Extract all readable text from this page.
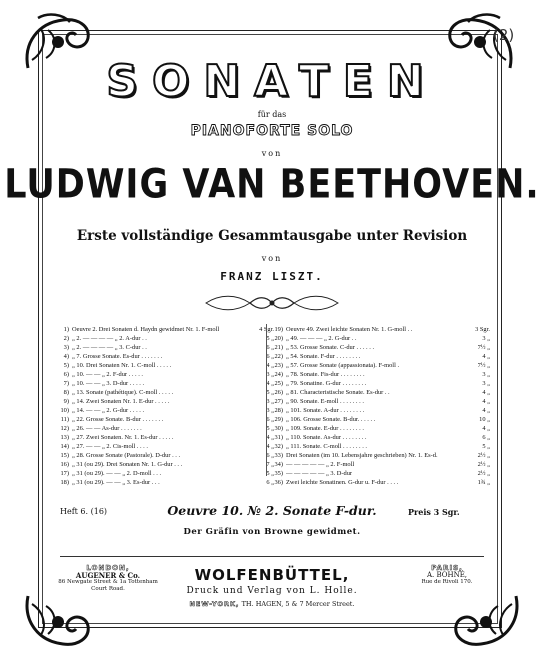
(2)
SONATEN
für das
PIANOFORTE SOLO
von
LUDWIG VAN BEETHOVEN.
Erste vollständige Gesammtausgabe unter Revision
von
FRANZ LISZT.
1) Oeuvre 2. Drei Sonaten d. Haydn gewidmet Nr. 1. F-moll	4 Sgr.
2) „ 2. — — — — „ 2. A-dur . .	5 „
3) „ 2. — — — — „ 3. C-dur . .	6 „
4) „ 7. Grosse Sonate. Es-dur . . . . . . .	6 „
5) „ 10. Drei Sonaten Nr. 1. C-moll . . . . .	4 „
6) „ 10. — — „ 2. F-dur . . . . .	3 „
7) „ 10. — — „ 3. D-dur . . . . .	4 „
8) „ 13. Sonate (pathétique). C-moll . . . . .	5 „
9) „ 14. Zwei Sonaten Nr. 1. E-dur . . . . .	3 „
10) „ 14. — — „ 2. G-dur . . . . .	3 „
11) „ 22. Grosse Sonate. B-dur . . . . . . .	6 „
12) „ 26. — — As-dur . . . . . . .	5 „
13) „ 27. Zwei Sonaten. Nr. 1. Es-dur . . . . .	4 „
14) „ 27. — — „ 2. Cis-moll . . . .	4 „
15) „ 28. Grosse Sonate (Pastorale). D-dur . . .	6 „
16) „ 31 (ou 29). Drei Sonaten Nr. 1. G-dur . . .	7 „
17) „ 31 (ou 29). — — „ 2. D-moll . . .	5 „
18) „ 31 (ou 29). — — „ 3. Es-dur . . .	6 „
19) Oeuvre 49. Zwei leichte Sonaten Nr. 1. G-moll . .	3 Sgr.
20) „ 49. — — — „ 2. G-dur . .	3 „
21) „ 53. Grosse Sonate. C-dur . . . . . .	7½ „
22) „ 54. Sonate. F-dur . . . . . . . .	4 „
23) „ 57. Grosse Sonate (appassionata). F-moll .	7½ „
24) „ 78. Sonate. Fis-dur . . . . . . . .	3 „
25) „ 79. Sonatine. G-dur . . . . . . . .	3 „
26) „ 81. Characteristische Sonate. Es-dur . .	4 „
27) „ 90. Sonate. E-moll . . . . . . . .	4 „
28) „ 101. Sonate. A-dur . . . . . . . .	4 „
29) „ 106. Grosse Sonate. B-dur. . . . . .	10 „
30) „ 109. Sonate. E-dur . . . . . . . .	4 „
31) „ 110. Sonate. As-dur . . . . . . . .	6 „
32) „ 111. Sonate. C-moll . . . . . . . .	5 „
33) Drei Sonaten (im 10. Lebensjahre geschrieben) Nr. 1. Es-d.	2½ „
34) — — — — — „ 2. F-moll	2½ „
35) — — — — — „ 3. D-dur	2½ „
36) Zwei leichte Sonatinen. G-dur u. F-dur . . . .	1¾ „
Heft 6. (16)	Oeuvre 10. № 2. Sonate F-dur.	Preis 3 Sgr.
Der Gräfin von Browne gewidmet.
LONDON,
AUGENER & Co.
86 Newgate Street & 1a Tottenham Court Road.
WOLFENBÜTTEL,
Druck und Verlag von L. Holle.
NEW-YORK, TH. HAGEN, 5 & 7 Mercer Street.
PARIS,
A. BOHNÉ,
Rue de Rivoli 170.
